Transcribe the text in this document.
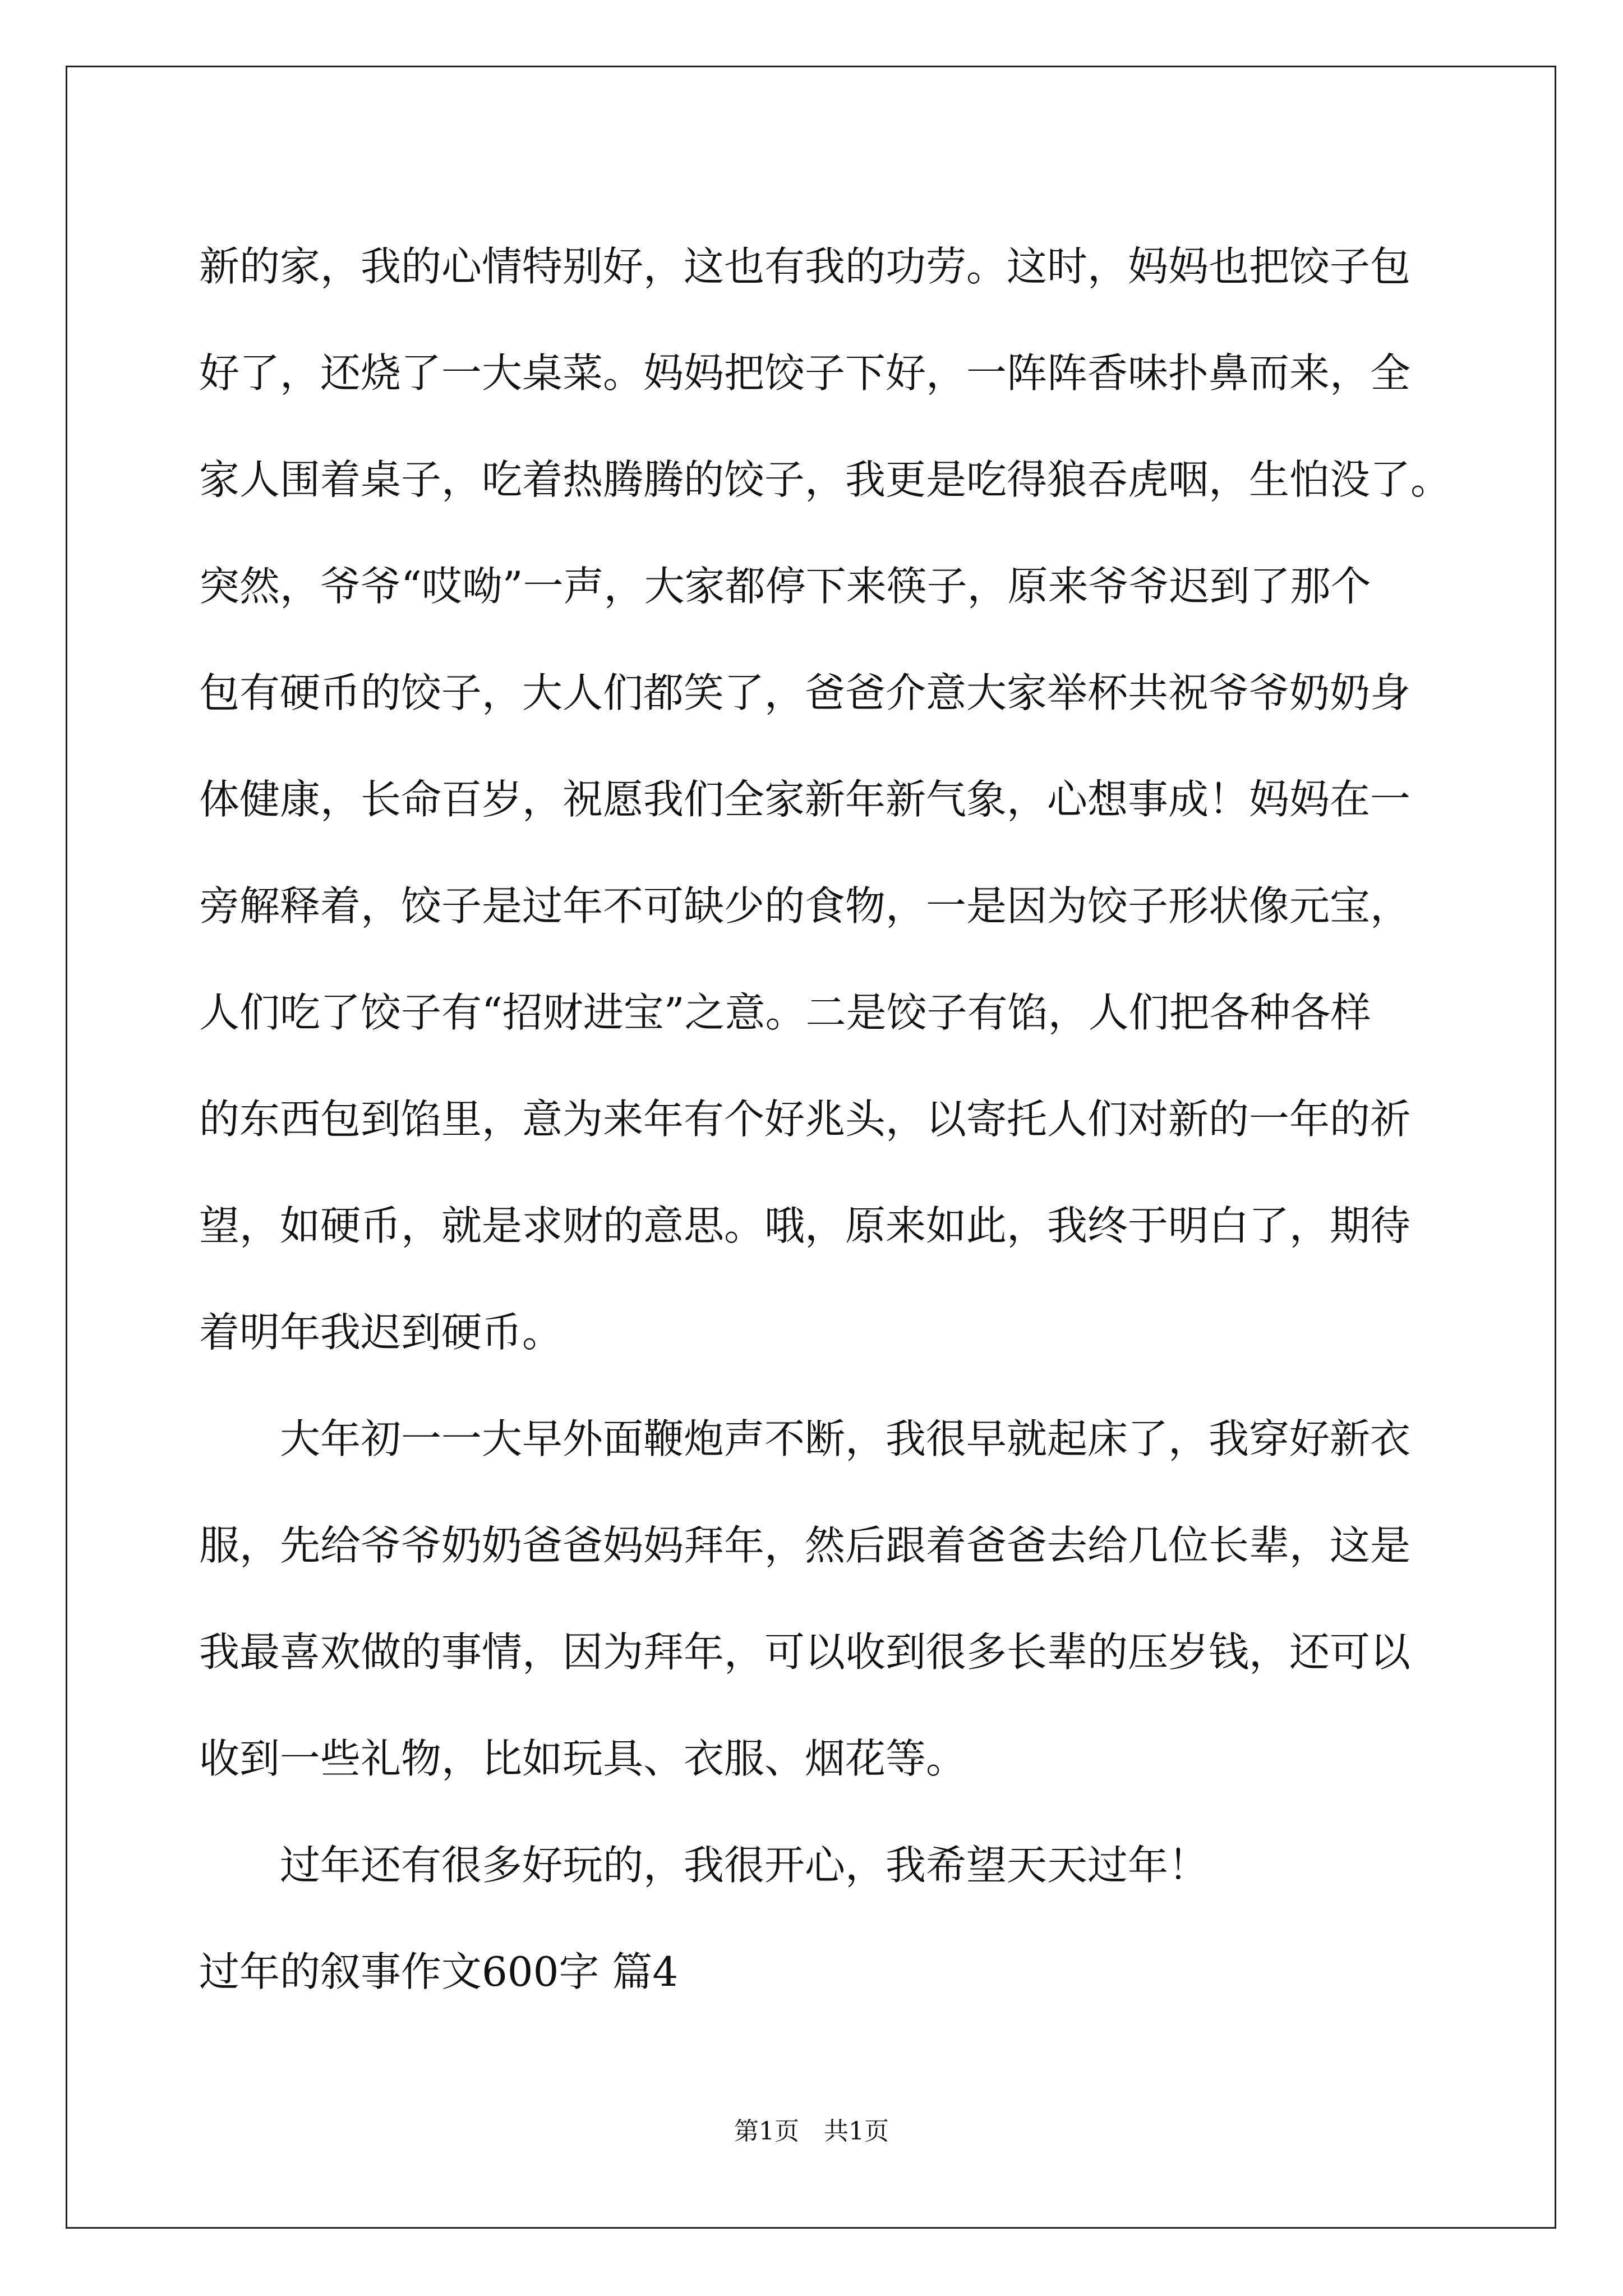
新的家，我的心情特别好，这也有我的功劳。这时，妈妈也把饺子包
好了，还烧了一大桌菜。妈妈把饺子下好，一阵阵香味扑鼻而来，全
家人围着桌子，吃着热腾腾的饺子，我更是吃得狼吞虎咽，生怕没了。
突然，爷爷“哎呦”一声，大家都停下来筷子，原来爷爷迟到了那个
包有硬币的饺子，大人们都笑了，爸爸介意大家举杯共祝爷爷奶奶身
体健康，长命百岁，祝愿我们全家新年新气象，心想事成！妈妈在一
旁解释着，饺子是过年不可缺少的食物，一是因为饺子形状像元宝，
人们吃了饺子有“招财进宝”之意。二是饺子有馅，人们把各种各样
的东西包到馅里，意为来年有个好兆头，以寄托人们对新的一年的祈
望，如硬币，就是求财的意思。哦，原来如此，我终于明白了，期待
着明年我迟到硬币。
大年初一一大早外面鞭炮声不断，我很早就起床了，我穿好新衣
服，先给爷爷奶奶爸爸妈妈拜年，然后跟着爸爸去给几位长辈，这是
我最喜欢做的事情，因为拜年，可以收到很多长辈的压岁钱，还可以
收到一些礼物，比如玩具、衣服、烟花等。
过年还有很多好玩的，我很开心，我希望天天过年！
过年的叙事作文600字 篇4
第1页　共1页
